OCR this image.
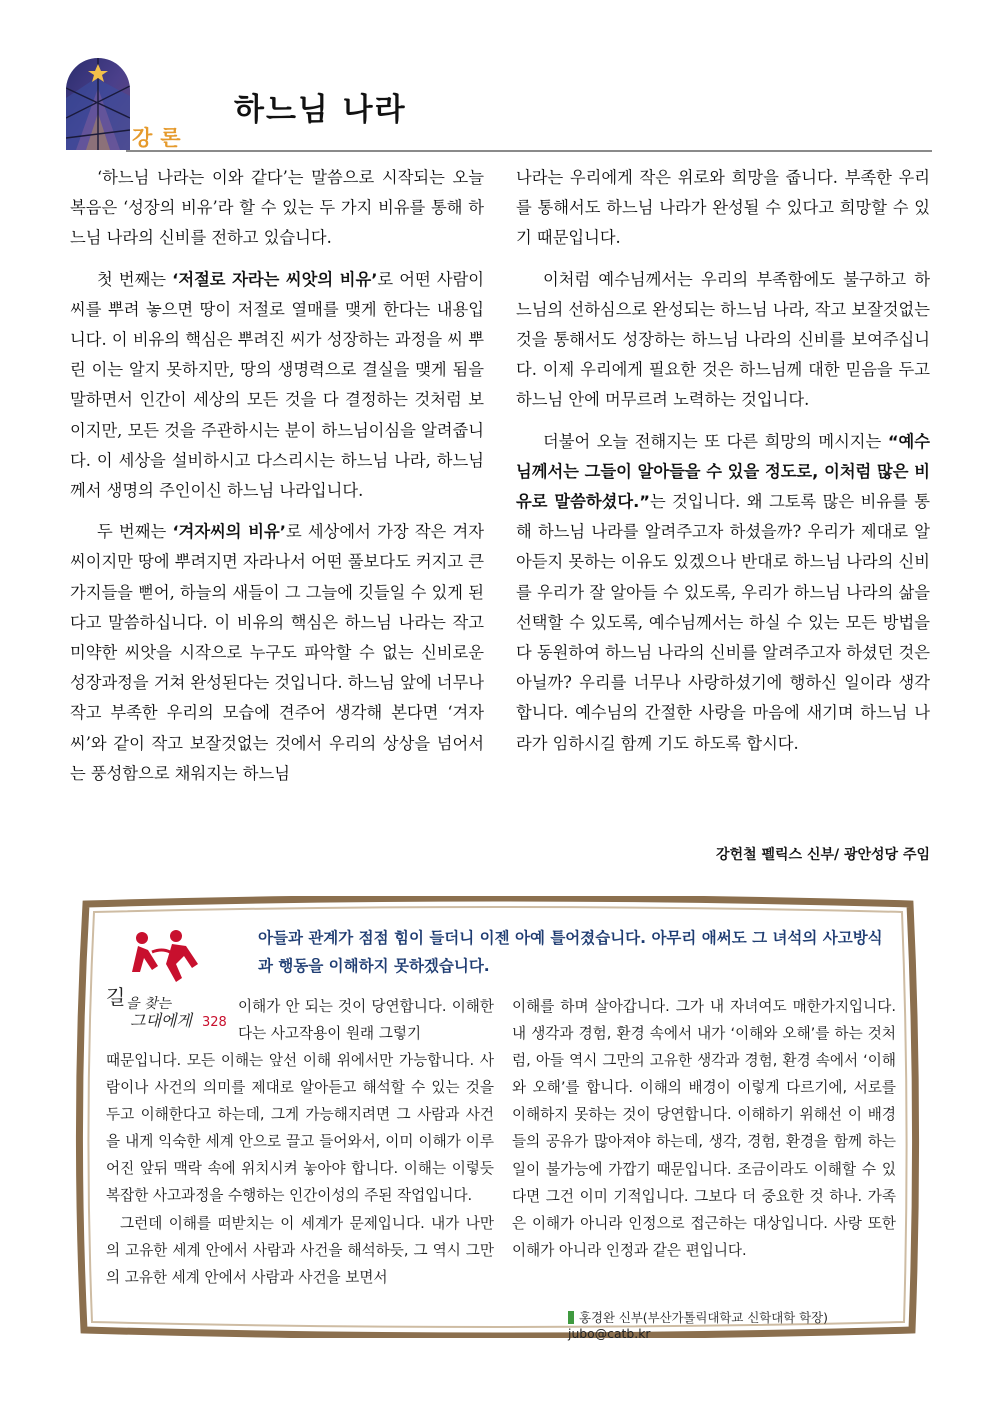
강론
하느님 나라

‘하느님 나라는 이와 같다’는 말씀으로 시작되는 오늘 복음은 ‘성장의 비유’라 할 수 있는 두 가지 비유를 통해 하느님 나라의 신비를 전하고 있습니다.

첫 번째는 ‘저절로 자라는 씨앗의 비유’로 어떤 사람이 씨를 뿌려 놓으면 땅이 저절로 열매를 맺게 한다는 내용입니다. 이 비유의 핵심은 뿌려진 씨가 성장하는 과정을 씨 뿌린 이는 알지 못하지만, 땅의 생명력으로 결실을 맺게 됨을 말하면서 인간이 세상의 모든 것을 다 결정하는 것처럼 보이지만, 모든 것을 주관하시는 분이 하느님이심을 알려줍니다. 이 세상을 설비하시고 다스리시는 하느님 나라, 하느님께서 생명의 주인이신 하느님 나라입니다.

두 번째는 ‘겨자씨의 비유’로 세상에서 가장 작은 겨자씨이지만 땅에 뿌려지면 자라나서 어떤 풀보다도 커지고 큰 가지들을 뻗어, 하늘의 새들이 그 그늘에 깃들일 수 있게 된다고 말씀하십니다. 이 비유의 핵심은 하느님 나라는 작고 미약한 씨앗을 시작으로 누구도 파악할 수 없는 신비로운 성장과정을 거쳐 완성된다는 것입니다. 하느님 앞에 너무나 작고 부족한 우리의 모습에 견주어 생각해 본다면 ‘겨자씨’와 같이 작고 보잘것없는 것에서 우리의 상상을 넘어서는 풍성함으로 채워지는 하느님

나라는 우리에게 작은 위로와 희망을 줍니다. 부족한 우리를 통해서도 하느님 나라가 완성될 수 있다고 희망할 수 있기 때문입니다.

이처럼 예수님께서는 우리의 부족함에도 불구하고 하느님의 선하심으로 완성되는 하느님 나라, 작고 보잘것없는 것을 통해서도 성장하는 하느님 나라의 신비를 보여주십니다. 이제 우리에게 필요한 것은 하느님께 대한 믿음을 두고 하느님 안에 머무르려 노력하는 것입니다.

더불어 오늘 전해지는 또 다른 희망의 메시지는 “예수님께서는 그들이 알아들을 수 있을 정도로, 이처럼 많은 비유로 말씀하셨다.”는 것입니다. 왜 그토록 많은 비유를 통해 하느님 나라를 알려주고자 하셨을까? 우리가 제대로 알아듣지 못하는 이유도 있겠으나 반대로 하느님 나라의 신비를 우리가 잘 알아들 수 있도록, 우리가 하느님 나라의 삶을 선택할 수 있도록, 예수님께서는 하실 수 있는 모든 방법을 다 동원하여 하느님 나라의 신비를 알려주고자 하셨던 것은 아닐까? 우리를 너무나 사랑하셨기에 행하신 일이라 생각합니다. 예수님의 간절한 사랑을 마음에 새기며 하느님 나라가 임하시길 함께 기도 하도록 합시다.

강헌철 펠릭스 신부/ 광안성당 주임
길 을 찾는
그대에게 328
아들과 관계가 점점 힘이 들더니 이젠 아예 틀어졌습니다. 아무리 애써도 그 녀석의 사고방식과 행동을 이해하지 못하겠습니다.

이해가 안 되는 것이 당연합니다. 이해한다는 사고작용이 원래 그렇기

때문입니다. 모든 이해는 앞선 이해 위에서만 가능합니다. 사람이나 사건의 의미를 제대로 알아듣고 해석할 수 있는 것을 두고 이해한다고 하는데, 그게 가능해지려면 그 사람과 사건을 내게 익숙한 세계 안으로 끌고 들어와서, 이미 이해가 이루어진 앞뒤 맥락 속에 위치시켜 놓아야 합니다. 이해는 이렇듯 복잡한 사고과정을 수행하는 인간이성의 주된 작업입니다.

그런데 이해를 떠받치는 이 세계가 문제입니다. 내가 나만의 고유한 세계 안에서 사람과 사건을 해석하듯, 그 역시 그만의 고유한 세계 안에서 사람과 사건을 보면서

이해를 하며 살아갑니다. 그가 내 자녀여도 매한가지입니다. 내 생각과 경험, 환경 속에서 내가 ‘이해와 오해’를 하는 것처럼, 아들 역시 그만의 고유한 생각과 경험, 환경 속에서 ‘이해와 오해’를 합니다. 이해의 배경이 이렇게 다르기에, 서로를 이해하지 못하는 것이 당연합니다. 이해하기 위해선 이 배경들의 공유가 많아져야 하는데, 생각, 경험, 환경을 함께 하는 일이 불가능에 가깝기 때문입니다. 조금이라도 이해할 수 있다면 그건 이미 기적입니다. 그보다 더 중요한 것 하나. 가족은 이해가 아니라 인정으로 접근하는 대상입니다. 사랑 또한 이해가 아니라 인정과 같은 편입니다.

홍경완 신부(부산가톨릭대학교 신학대학 학장) jubo@catb.kr
